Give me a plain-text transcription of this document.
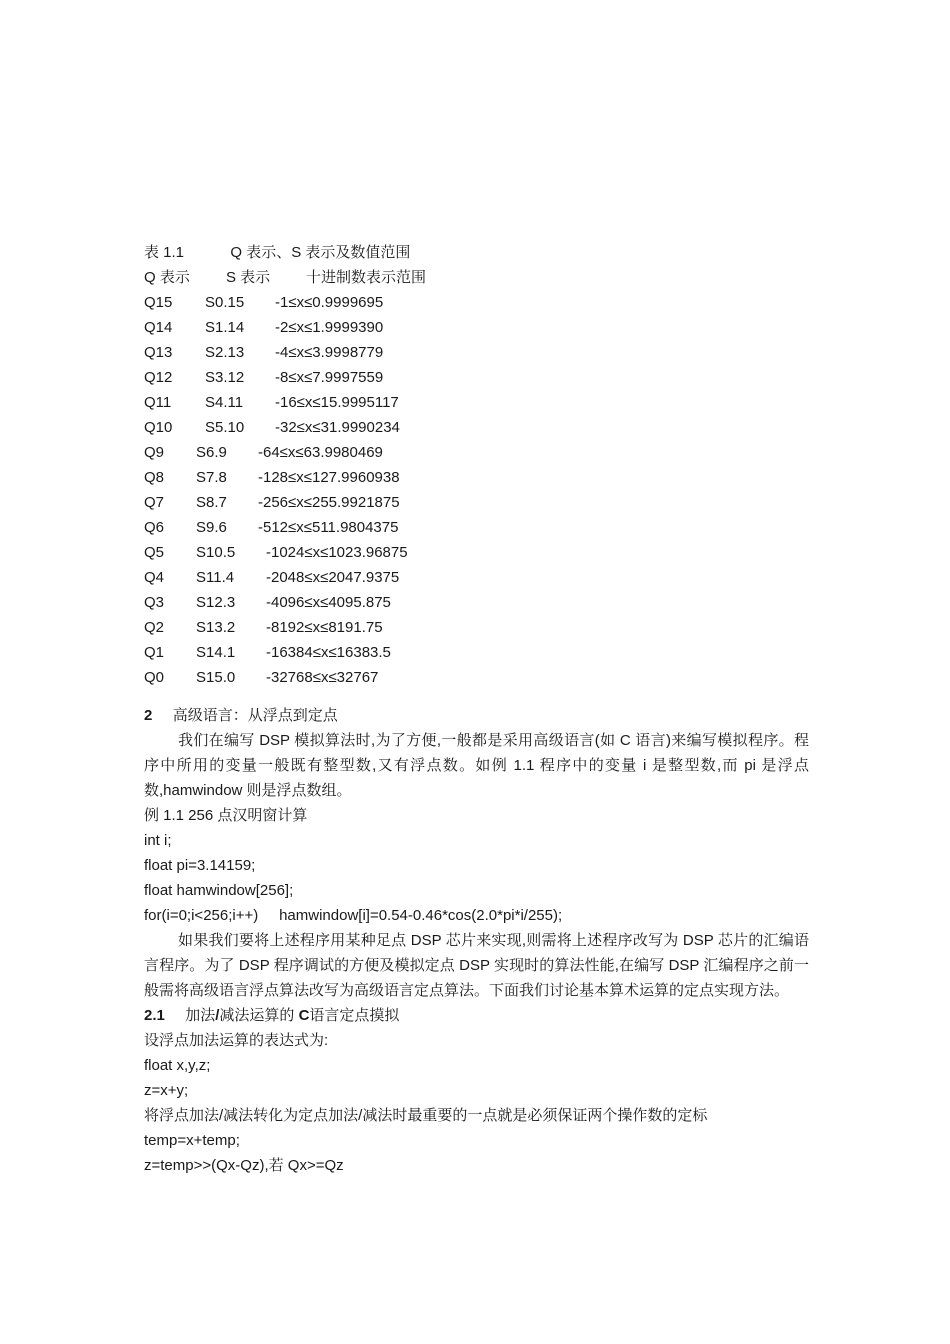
表 1.1	Q 表示、S 表示及数值范围
Q 表示 S 表示 十进制数表示范围
Q15 S0.15 -1≤x≤0.9999695
Q14 S1.14 -2≤x≤1.9999390
Q13 S2.13 -4≤x≤3.9998779
Q12 S3.12 -8≤x≤7.9997559
Q11 S4.11 -16≤x≤15.9995117
Q10 S5.10 -32≤x≤31.9990234
Q9 S6.9 -64≤x≤63.9980469
Q8 S7.8 -128≤x≤127.9960938
Q7 S8.7 -256≤x≤255.9921875
Q6 S9.6 -512≤x≤511.9804375
Q5 S10.5 -1024≤x≤1023.96875
Q4 S11.4 -2048≤x≤2047.9375
Q3 S12.3 -4096≤x≤4095.875
Q2 S13.2 -8192≤x≤8191.75
Q1 S14.1 -16384≤x≤16383.5
Q0 S15.0 -32768≤x≤32767
2 高级语言：从浮点到定点
我们在编写 DSP 模拟算法时,为了方便,一般都是采用高级语言(如 C 语言)来编写模拟程序。程序中所用的变量一般既有整型数,又有浮点数。如例 1.1 程序中的变量 i 是整型数,而 pi 是浮点数,hamwindow 则是浮点数组。
例 1.1 256 点汉明窗计算
int i;
float pi=3.14159;
float hamwindow[256];
for(i=0;i<256;i++)     hamwindow[i]=0.54-0.46*cos(2.0*pi*i/255);
如果我们要将上述程序用某种足点 DSP 芯片来实现,则需将上述程序改写为 DSP 芯片的汇编语言程序。为了 DSP 程序调试的方便及模拟定点 DSP 实现时的算法性能,在编写 DSP 汇编程序之前一般需将高级语言浮点算法改写为高级语言定点算法。下面我们讨论基本算术运算的定点实现方法。
2.1 加法/减法运算的 C语言定点摸拟
设浮点加法运算的表达式为:
float x,y,z;
z=x+y;
将浮点加法/减法转化为定点加法/减法时最重要的一点就是必须保证两个操作数的定标
temp=x+temp;
z=temp>>(Qx-Qz),若 Qx>=Qz
